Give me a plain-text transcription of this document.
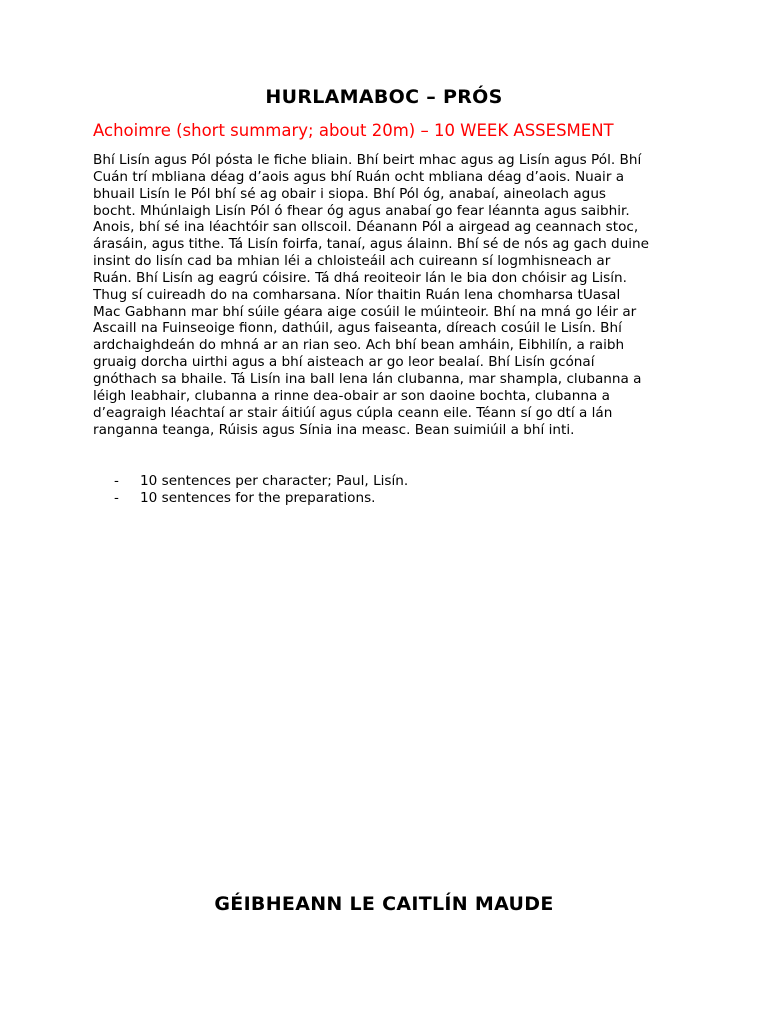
HURLAMABOC – PRÓS

Achoimre (short summary; about 20m) – 10 WEEK ASSESMENT

Bhí Lisín agus Pól pósta le fiche bliain. Bhí beirt mhac agus ag Lisín agus Pól. Bhí
Cuán trí mbliana déag d’aois agus bhí Ruán ocht mbliana déag d’aois. Nuair a
bhuail Lisín le Pól bhí sé ag obair i siopa. Bhí Pól óg, anabaí, aineolach agus
bocht. Mhúnlaigh Lisín Pól ó fhear óg agus anabaí go fear léannta agus saibhir.
Anois, bhí sé ina léachtóir san ollscoil. Déanann Pól a airgead ag ceannach stoc,
árasáin, agus tithe. Tá Lisín foirfa, tanaí, agus álainn. Bhí sé de nós ag gach duine
insint do lisín cad ba mhian léi a chloisteáil ach cuireann sí logmhisneach ar
Ruán. Bhí Lisín ag eagrú cóisire. Tá dhá reoiteoir lán le bia don chóisir ag Lisín.
Thug sí cuireadh do na comharsana. Níor thaitin Ruán lena chomharsa tUasal
Mac Gabhann mar bhí súile géara aige cosúil le múinteoir. Bhí na mná go léir ar
Ascaill na Fuinseoige fionn, dathúil, agus faiseanta, díreach cosúil le Lisín. Bhí
ardchaighdeán do mhná ar an rian seo. Ach bhí bean amháin, Eibhilín, a raibh
gruaig dorcha uirthi agus a bhí aisteach ar go leor bealaí. Bhí Lisín gcónaí
gnóthach sa bhaile. Tá Lisín ina ball lena lán clubanna, mar shampla, clubanna a
léigh leabhair, clubanna a rinne dea-obair ar son daoine bochta, clubanna a
d’eagraigh léachtaí ar stair áitiúí agus cúpla ceann eile. Téann sí go dtí a lán
ranganna teanga, Rúisis agus Sínia ina measc. Bean suimiúil a bhí inti.

-	10 sentences per character; Paul, Lisín.
-	10 sentences for the preparations.
GÉIBHEANN LE CAITLÍN MAUDE
